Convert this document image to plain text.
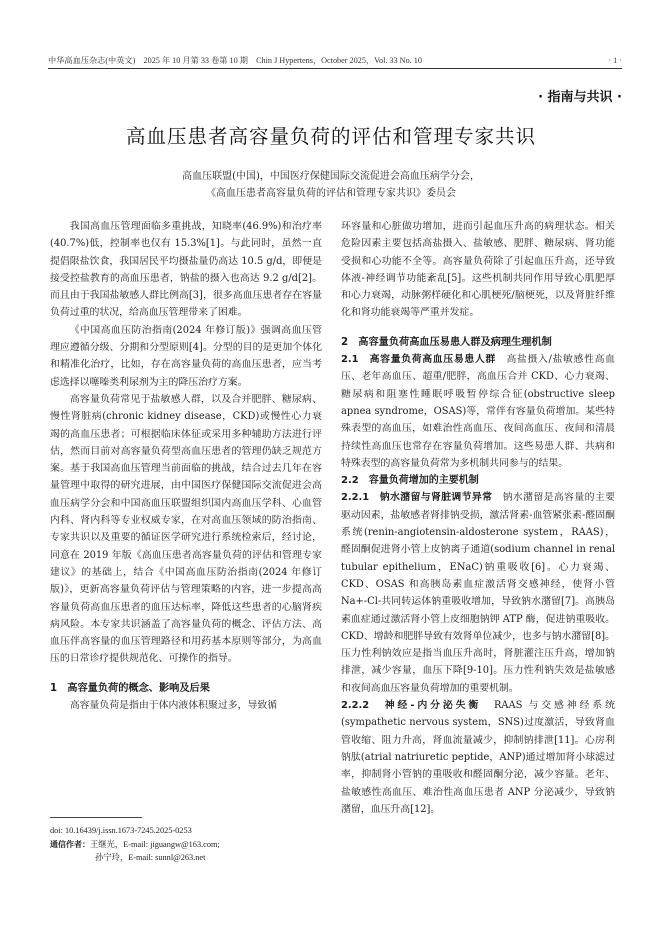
中华高血压杂志(中英文)　2025 年 10 月第 33 卷第 10 期　Chin J Hypertens，October 2025，Vol. 33 No. 10	· 1 ·
· 指南与共识 ·
高血压患者高容量负荷的评估和管理专家共识
高血压联盟(中国)，中国医疗保健国际交流促进会高血压病学分会，
《高血压患者高容量负荷的评估和管理专家共识》委员会

我国高血压管理面临多重挑战，知晓率(46.9%)和治疗率(40.7%)低，控制率也仅有 15.3%[1]。与此同时，虽然一直提倡限盐饮食，我国居民平均摄盐量仍高达 10.5 g/d，即便是接受控盐教育的高血压患者，钠盐的摄入也高达 9.2 g/d[2]。而且由于我国盐敏感人群比例高[3]，很多高血压患者存在容量负荷过重的状况，给高血压管理带来了困难。

《中国高血压防治指南(2024 年修订版)》强调高血压管理应遵循分级、分期和分型原则[4]。分型的目的是更加个体化和精准化治疗，比如，存在高容量负荷的高血压患者，应当考虑选择以噻嗪类利尿剂为主的降压治疗方案。

高容量负荷常见于盐敏感人群，以及合并肥胖、糖尿病、慢性肾脏病(chronic kidney disease，CKD)或慢性心力衰竭的高血压患者；可根据临床体征或采用多种辅助方法进行评估，然而目前对高容量负荷型高血压患者的管理仍缺乏规范方案。基于我国高血压管理当前面临的挑战，结合过去几年在容量管理中取得的研究进展，由中国医疗保健国际交流促进会高血压病学分会和中国高血压联盟组织国内高血压学科、心血管内科、肾内科等专业权威专家，在对高血压领域的防治指南、专家共识以及重要的循证医学研究进行系统检索后，经讨论，同意在 2019 年版《高血压患者高容量负荷的评估和管理专家建议》的基础上，结合《中国高血压防治指南(2024 年修订版)》，更新高容量负荷评估与管理策略的内容，进一步提高高容量负荷高血压患者的血压达标率，降低这些患者的心脑肾疾病风险。本专家共识涵盖了高容量负荷的概念、评估方法、高血压伴高容量的血压管理路径和用药基本原则等部分，为高血压的日常诊疗提供规范化、可操作的指导。

1　高容量负荷的概念、影响及后果

高容量负荷是指由于体内液体积聚过多，导致循

环容量和心脏做功增加，进而引起血压升高的病理状态。相关危险因素主要包括高盐摄入、盐敏感、肥胖、糖尿病、肾功能受损和心功能不全等。高容量负荷除了引起血压升高，还导致体液-神经调节功能紊乱[5]。这些机制共同作用导致心肌肥厚和心力衰竭，动脉粥样硬化和心肌梗死/脑梗死，以及肾脏纤维化和肾功能衰竭等严重并发症。

2　高容量负荷高血压易患人群及病理生理机制

2.1　高容量负荷高血压易患人群　 高盐摄入/盐敏感性高血压、老年高血压、超重/肥胖，高血压合并 CKD、心力衰竭、糖尿病和阻塞性睡眠呼吸暂停综合征(obstructive sleep apnea syndrome，OSAS)等，常伴有容量负荷增加。某些特殊表型的高血压，如难治性高血压、夜间高血压、夜间和清晨持续性高血压也常存在容量负荷增加。这些易患人群、共病和特殊表型的高容量负荷常为多机制共同参与的结果。

2.2　容量负荷增加的主要机制

2.2.1　钠水潴留与肾脏调节异常　 钠水潴留是高容量的主要驱动因素，盐敏感者肾排钠受损，激活肾素-血管紧张素-醛固酮系统(renin-angiotensin-aldosterone system，RAAS)，醛固酮促进肾小管上皮钠离子通道(sodium channel in renal tubular epithelium，ENaC)钠重吸收[6]。心力衰竭、CKD、OSAS 和高胰岛素血症激活肾交感神经，使肾小管 Na+-Cl-共同转运体钠重吸收增加，导致钠水潴留[7]。高胰岛素血症通过激活肾小管上皮细胞钠钾 ATP 酶，促进钠重吸收。CKD、增龄和肥胖导致有效肾单位减少，也多与钠水潴留[8]。压力性利钠效应是指当血压升高时，肾脏灌注压升高，增加钠排泄，减少容量，血压下降[9-10]。压力性利钠失效是盐敏感和夜间高血压容量负荷增加的重要机制。

2.2.2　神经-内分泌失衡　 RAAS 与交感神经系统(sympathetic nervous system，SNS)过度激活，导致肾血管收缩、阻力升高，肾血流量减少，抑制钠排泄[11]。心房利钠肽(atrial natriuretic peptide，ANP)通过增加肾小球滤过率，抑制肾小管钠的重吸收和醛固酮分泌，减少容量。老年、盐敏感性高血压、难治性高血压患者 ANP 分泌减少，导致钠潴留，血压升高[12]。

doi: 10.16439/j.issn.1673-7245.2025-0253
通信作者：王继光，E-mail: jiguangw@163.com;
孙宁玲，E-mail: sunnl@263.net
